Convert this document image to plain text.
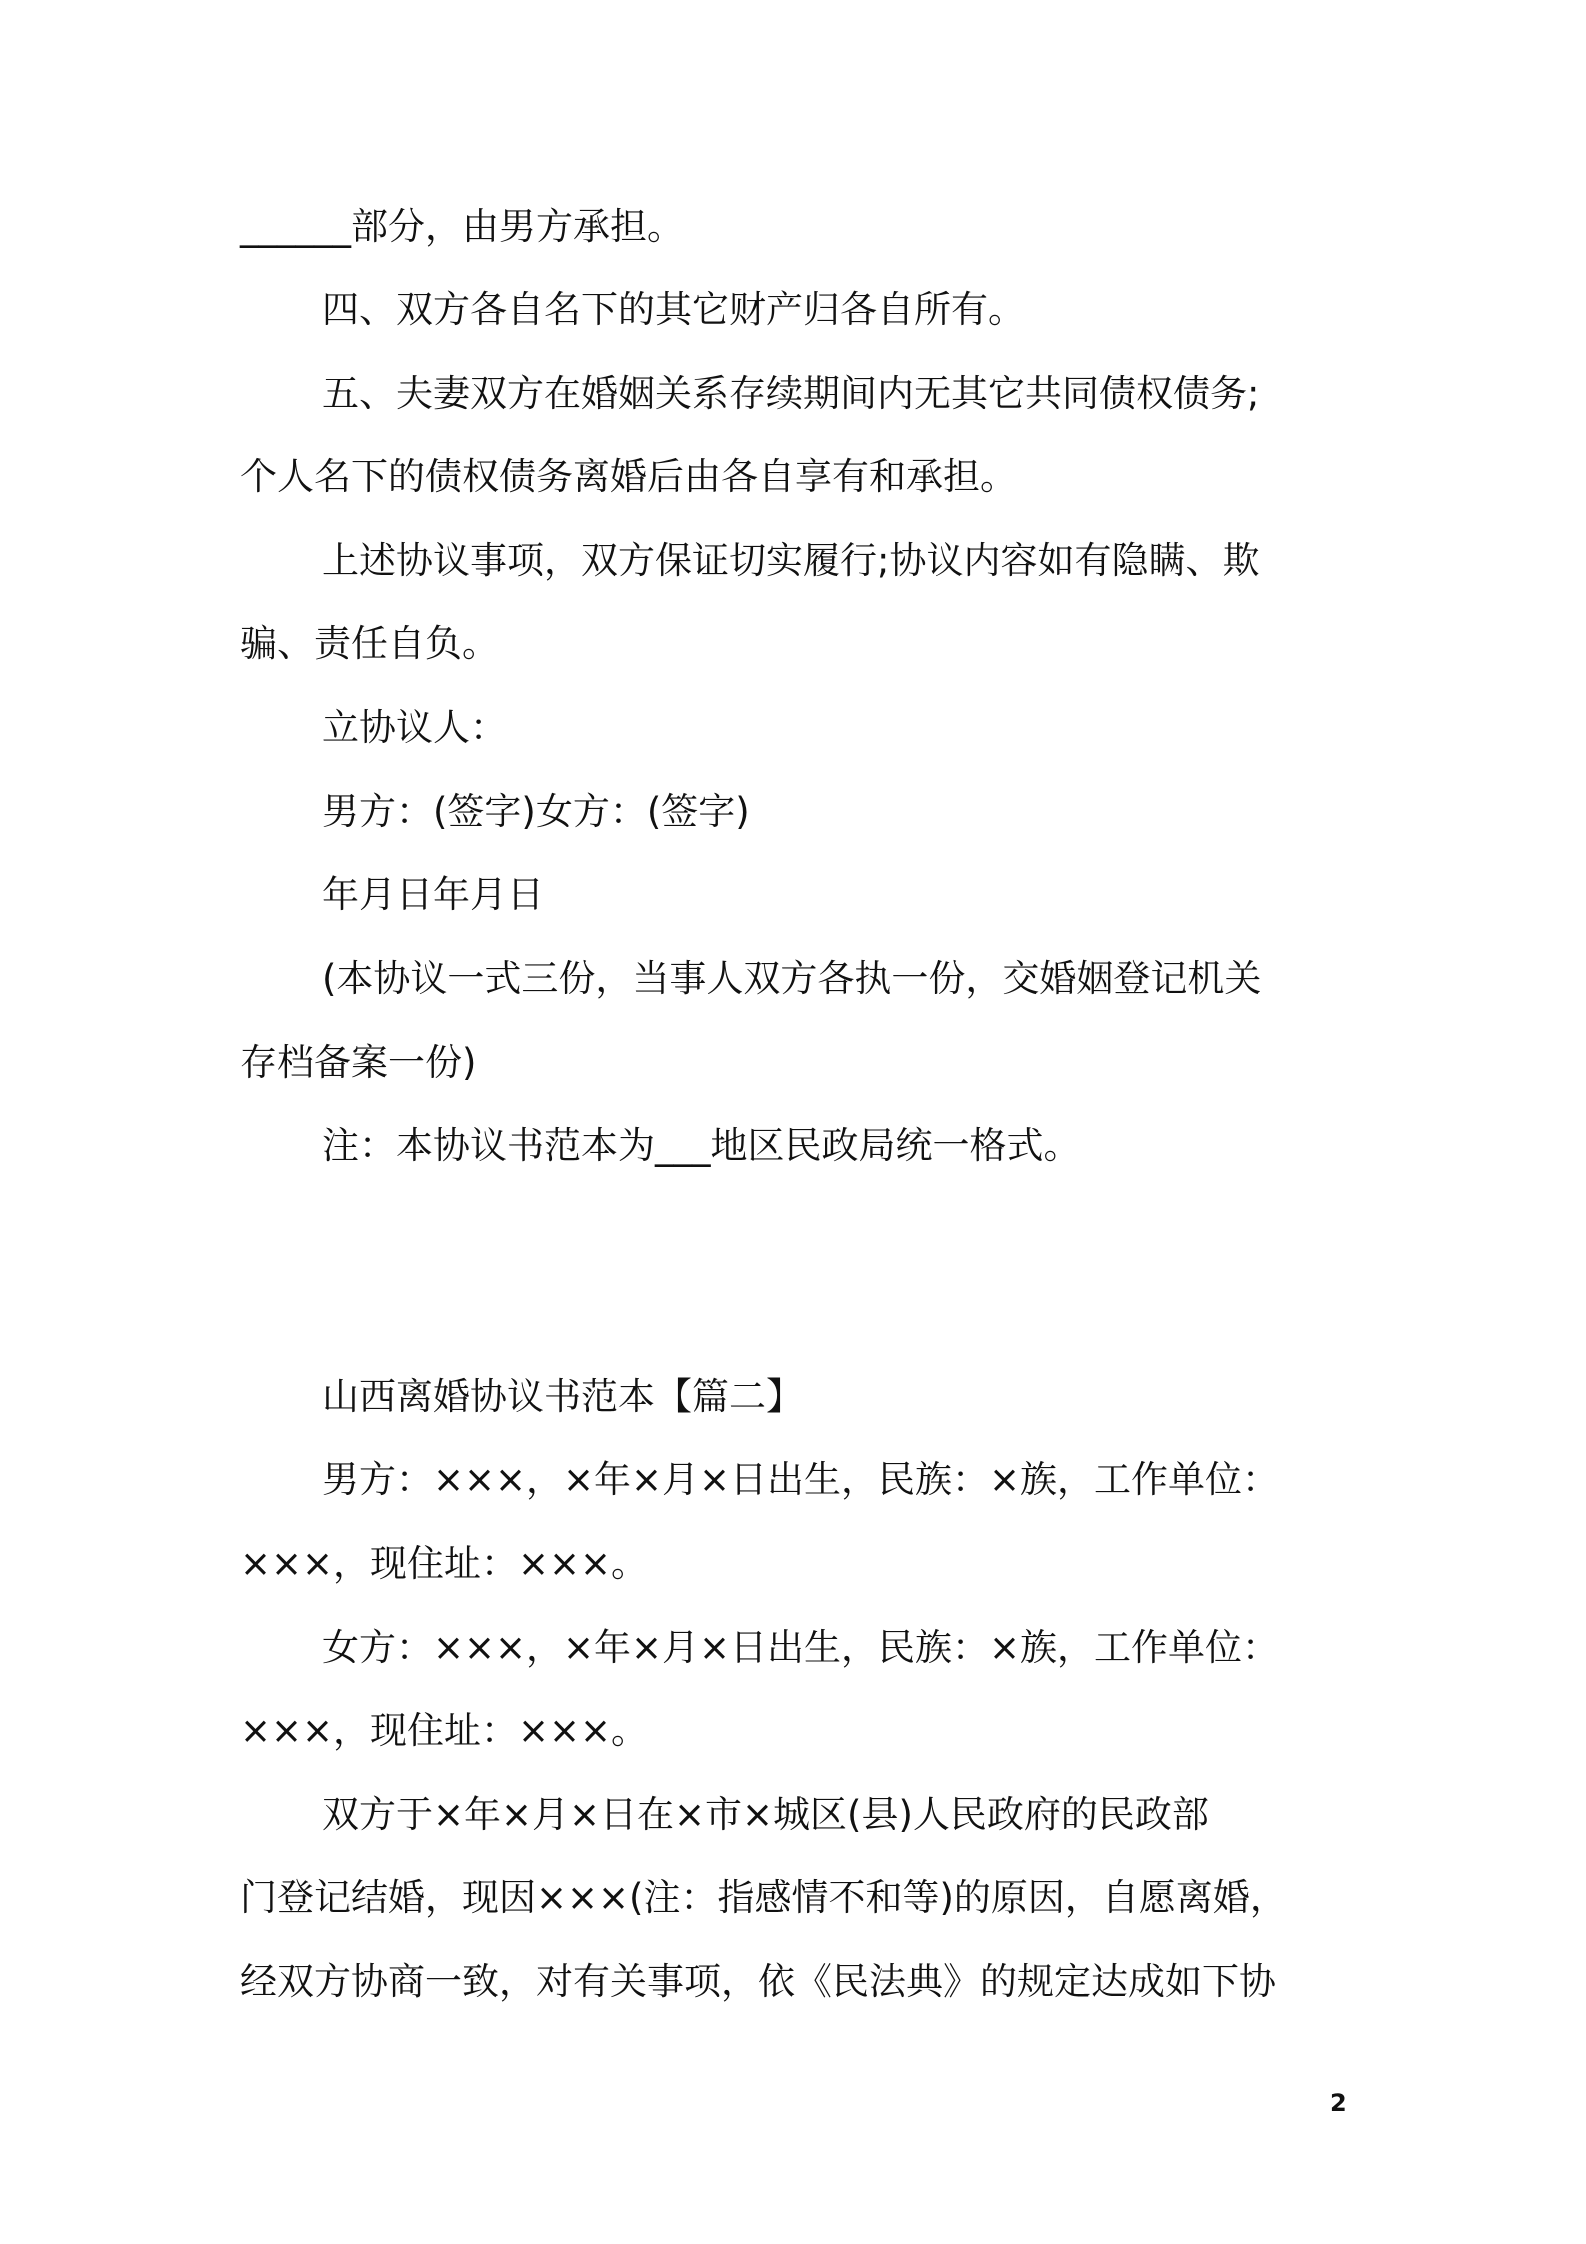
______部分，由男方承担。
四、双方各自名下的其它财产归各自所有。
五、夫妻双方在婚姻关系存续期间内无其它共同债权债务;
个人名下的债权债务离婚后由各自享有和承担。
上述协议事项，双方保证切实履行;协议内容如有隐瞒、欺
骗、责任自负。
立协议人：
男方：(签字)女方：(签字)
年月日年月日
(本协议一式三份，当事人双方各执一份，交婚姻登记机关
存档备案一份)
注：本协议书范本为___地区民政局统一格式。
山西离婚协议书范本【篇二】
男方：×××，×年×月×日出生，民族：×族，工作单位：
×××，现住址：×××。
女方：×××，×年×月×日出生，民族：×族，工作单位：
×××，现住址：×××。
双方于×年×月×日在×市×城区(县)人民政府的民政部
门登记结婚，现因×××(注：指感情不和等)的原因，自愿离婚，
经双方协商一致，对有关事项，依《民法典》的规定达成如下协
2
